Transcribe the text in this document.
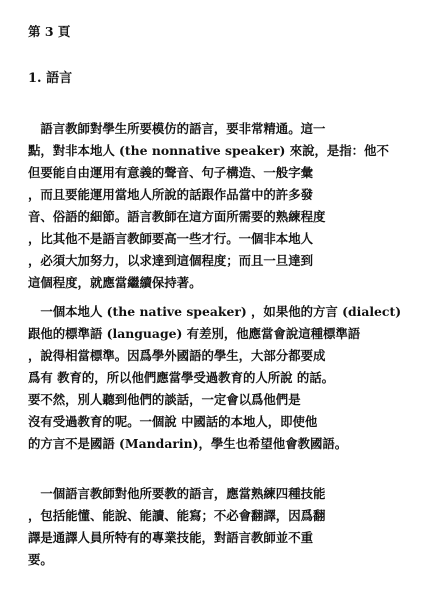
第 3 頁
1. 語言
　語言教師對學生所要模仿的語言，要非常精通。這一
點，對非本地人 (the nonnative speaker) 來說，是指：他不
但要能自由運用有意義的聲音、句子構造、一般字彙
，而且要能運用當地人所說的話跟作品當中的許多發
音、俗語的細節。語言教師在這方面所需要的熟練程度
，比其他不是語言教師要高一些才行。一個非本地人
，必須大加努力，以求達到這個程度；而且一旦達到
這個程度，就應當繼續保持著。
　一個本地人 (the native speaker) ，如果他的方言 (dialect)
跟他的標準語 (language) 有差別，他應當會說這種標準語
，說得相當標準。因爲學外國語的學生，大部分都要成
爲有 教育的，所以他們應當學受過教育的人所說 的話。
要不然，別人聽到他們的談話，一定會以爲他們是
沒有受過教育的呢。一個說 中國話的本地人，即使他
的方言不是國語 (Mandarin)，學生也希望他會教國語。
　一個語言教師對他所要教的語言，應當熟練四種技能
，包括能懂、能說、能讀、能寫；不必會翻譯，因爲翻
譯是通譯人員所特有的專業技能，對語言教師並不重
要。
